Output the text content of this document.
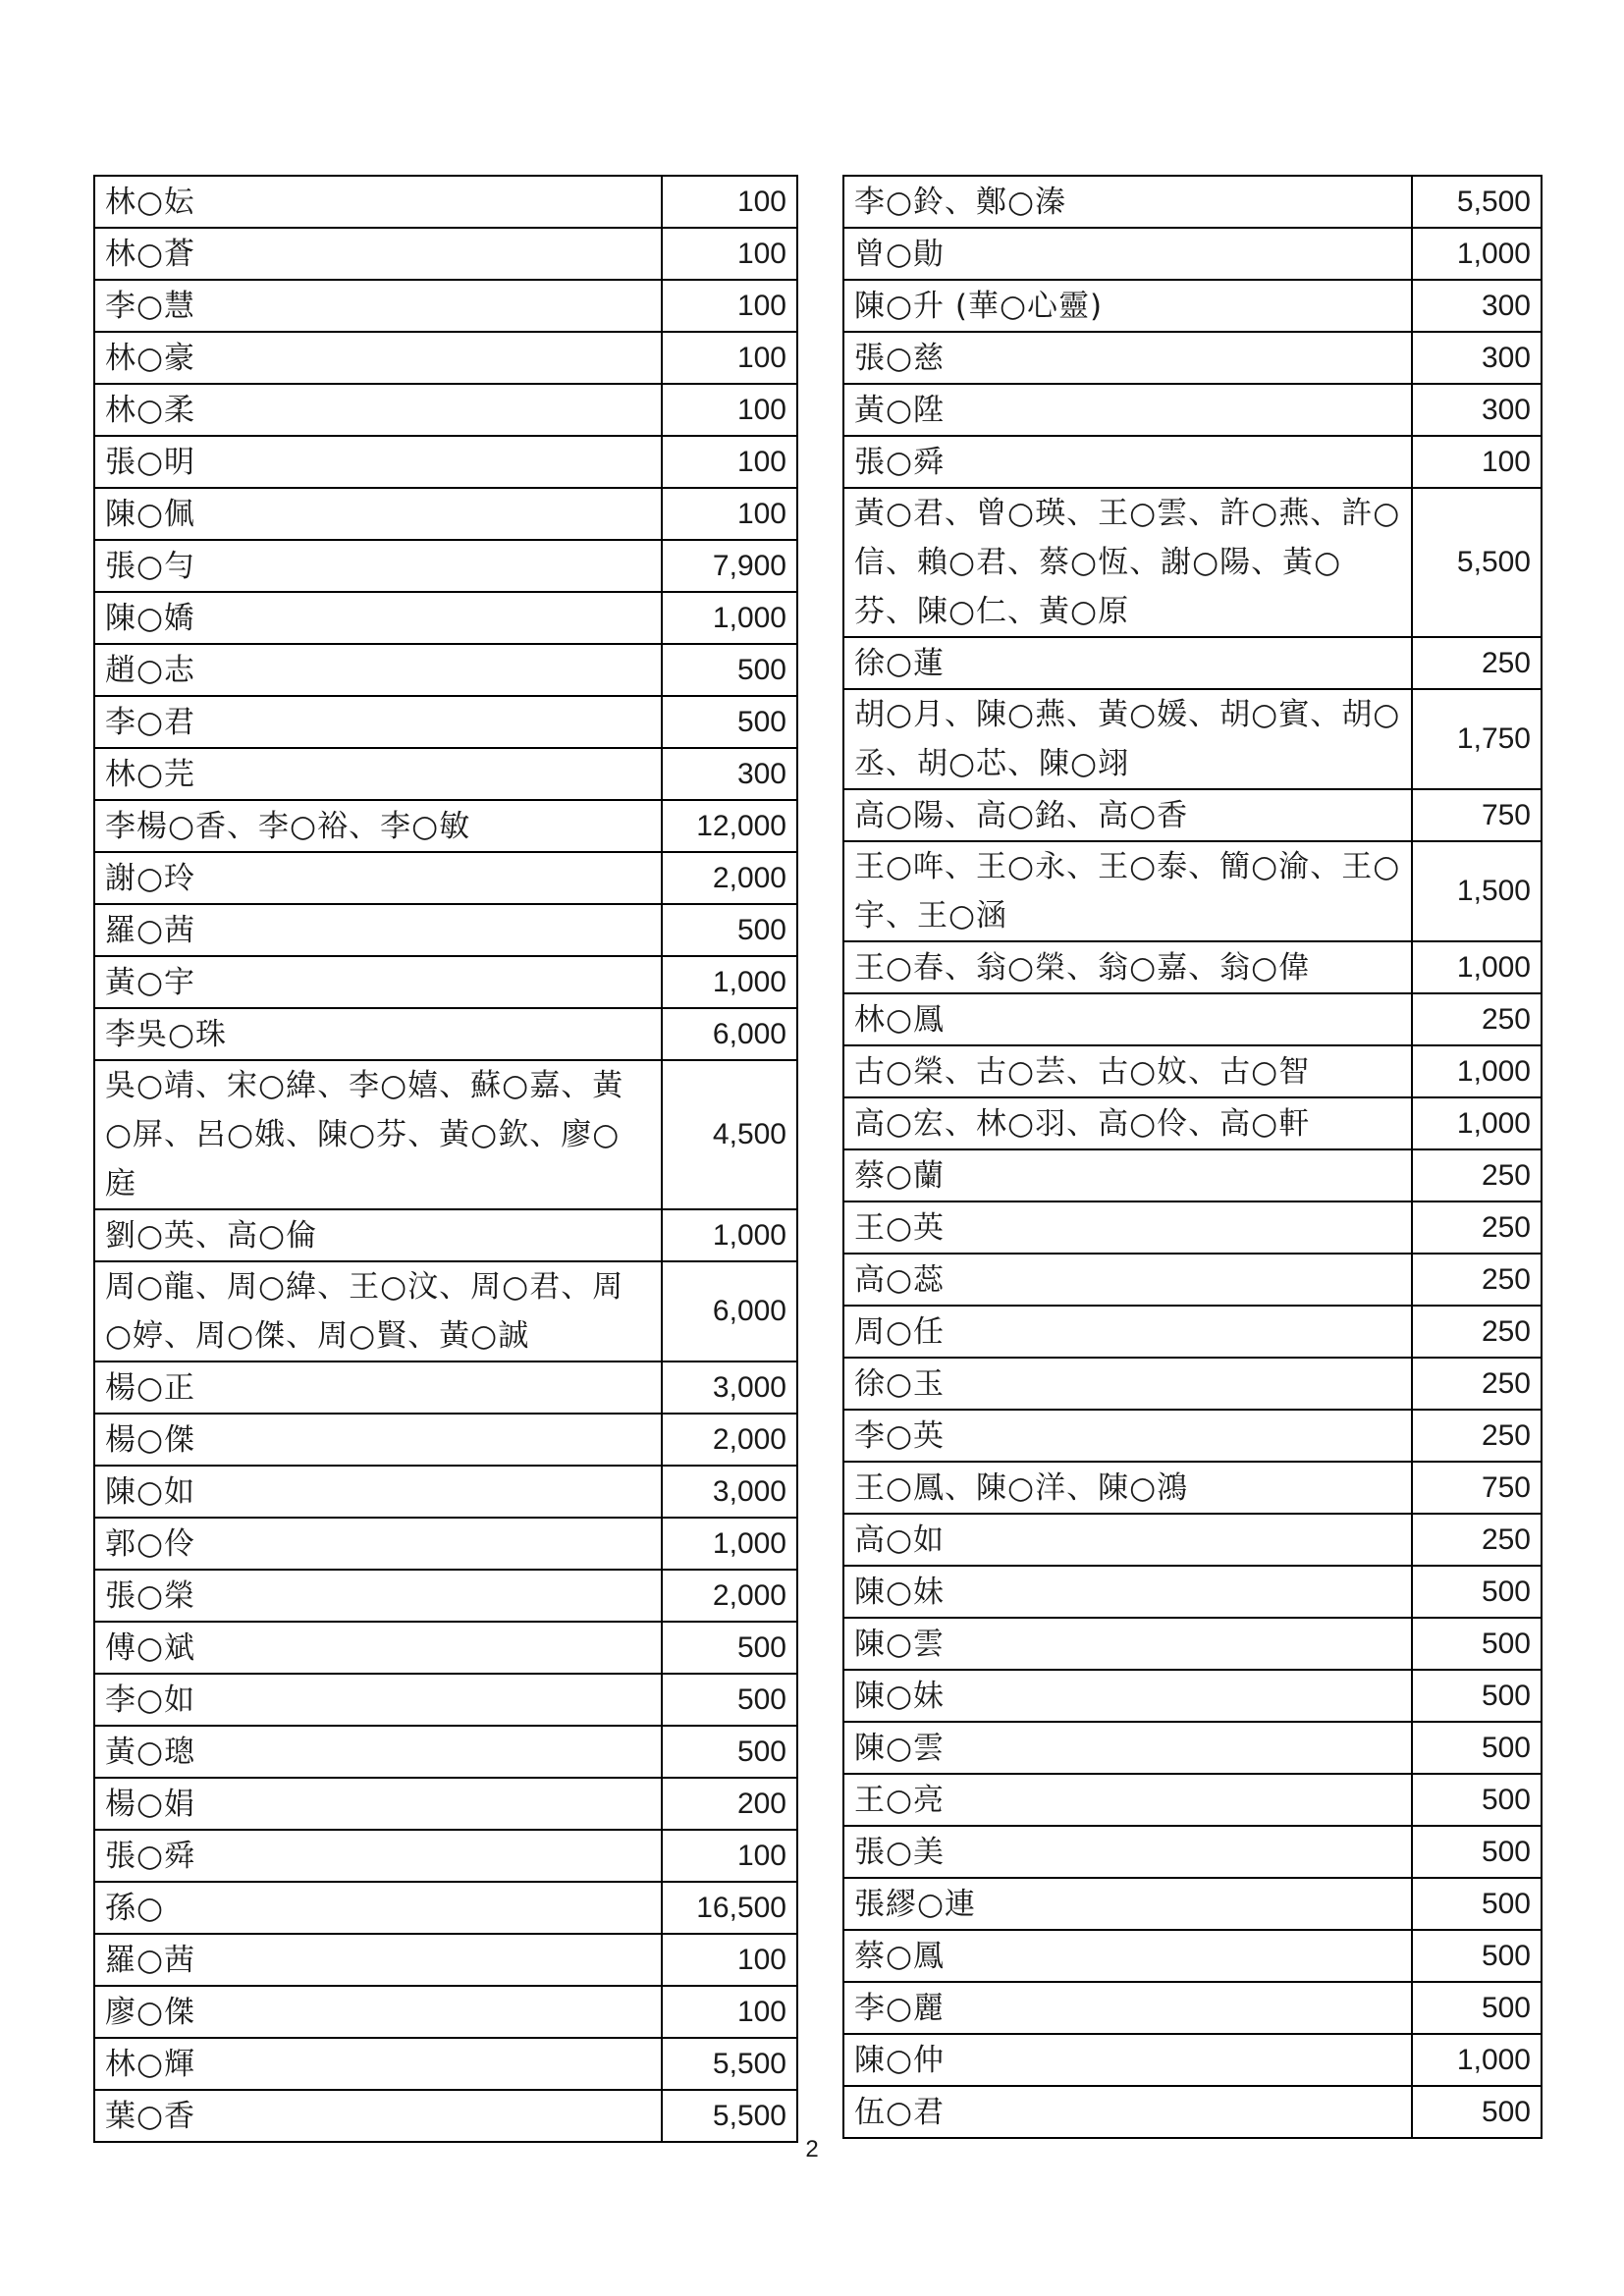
林○妘	100
林○蒼	100
李○慧	100
林○豪	100
林○柔	100
張○明	100
陳○佩	100
張○勻	7,900
陳○嬌	1,000
趙○志	500
李○君	500
林○芫	300
李楊○香、李○裕、李○敏	12,000
謝○玲	2,000
羅○茜	500
黃○宇	1,000
李吳○珠	6,000
吳○靖、宋○緯、李○嬉、蘇○嘉、黃○屏、呂○娥、陳○芬、黃○欽、廖○庭	4,500
劉○英、高○倫	1,000
周○龍、周○緯、王○汶、周○君、周○婷、周○傑、周○賢、黃○誠	6,000
楊○正	3,000
楊○傑	2,000
陳○如	3,000
郭○伶	1,000
張○榮	2,000
傅○斌	500
李○如	500
黃○璁	500
楊○娟	200
張○舜	100
孫○	16,500
羅○茜	100
廖○傑	100
林○輝	5,500
葉○香	5,500
李○鈴、鄭○溱	5,500
曾○勛	1,000
陳○升 (華○心靈)	300
張○慈	300
黃○陞	300
張○舜	100
黃○君、曾○瑛、王○雲、許○燕、許○信、賴○君、蔡○恆、謝○陽、黃○芬、陳○仁、黃○原	5,500
徐○蓮	250
胡○月、陳○燕、黃○媛、胡○賓、胡○丞、胡○芯、陳○翊	1,750
高○陽、高○銘、高○香	750
王○哖、王○永、王○泰、簡○渝、王○宇、王○涵	1,500
王○春、翁○榮、翁○嘉、翁○偉	1,000
林○鳳	250
古○榮、古○芸、古○妏、古○智	1,000
高○宏、林○羽、高○伶、高○軒	1,000
蔡○蘭	250
王○英	250
高○蕊	250
周○任	250
徐○玉	250
李○英	250
王○鳳、陳○洋、陳○鴻	750
高○如	250
陳○妹	500
陳○雲	500
陳○妹	500
陳○雲	500
王○亮	500
張○美	500
張繆○連	500
蔡○鳳	500
李○麗	500
陳○仲	1,000
伍○君	500
2
